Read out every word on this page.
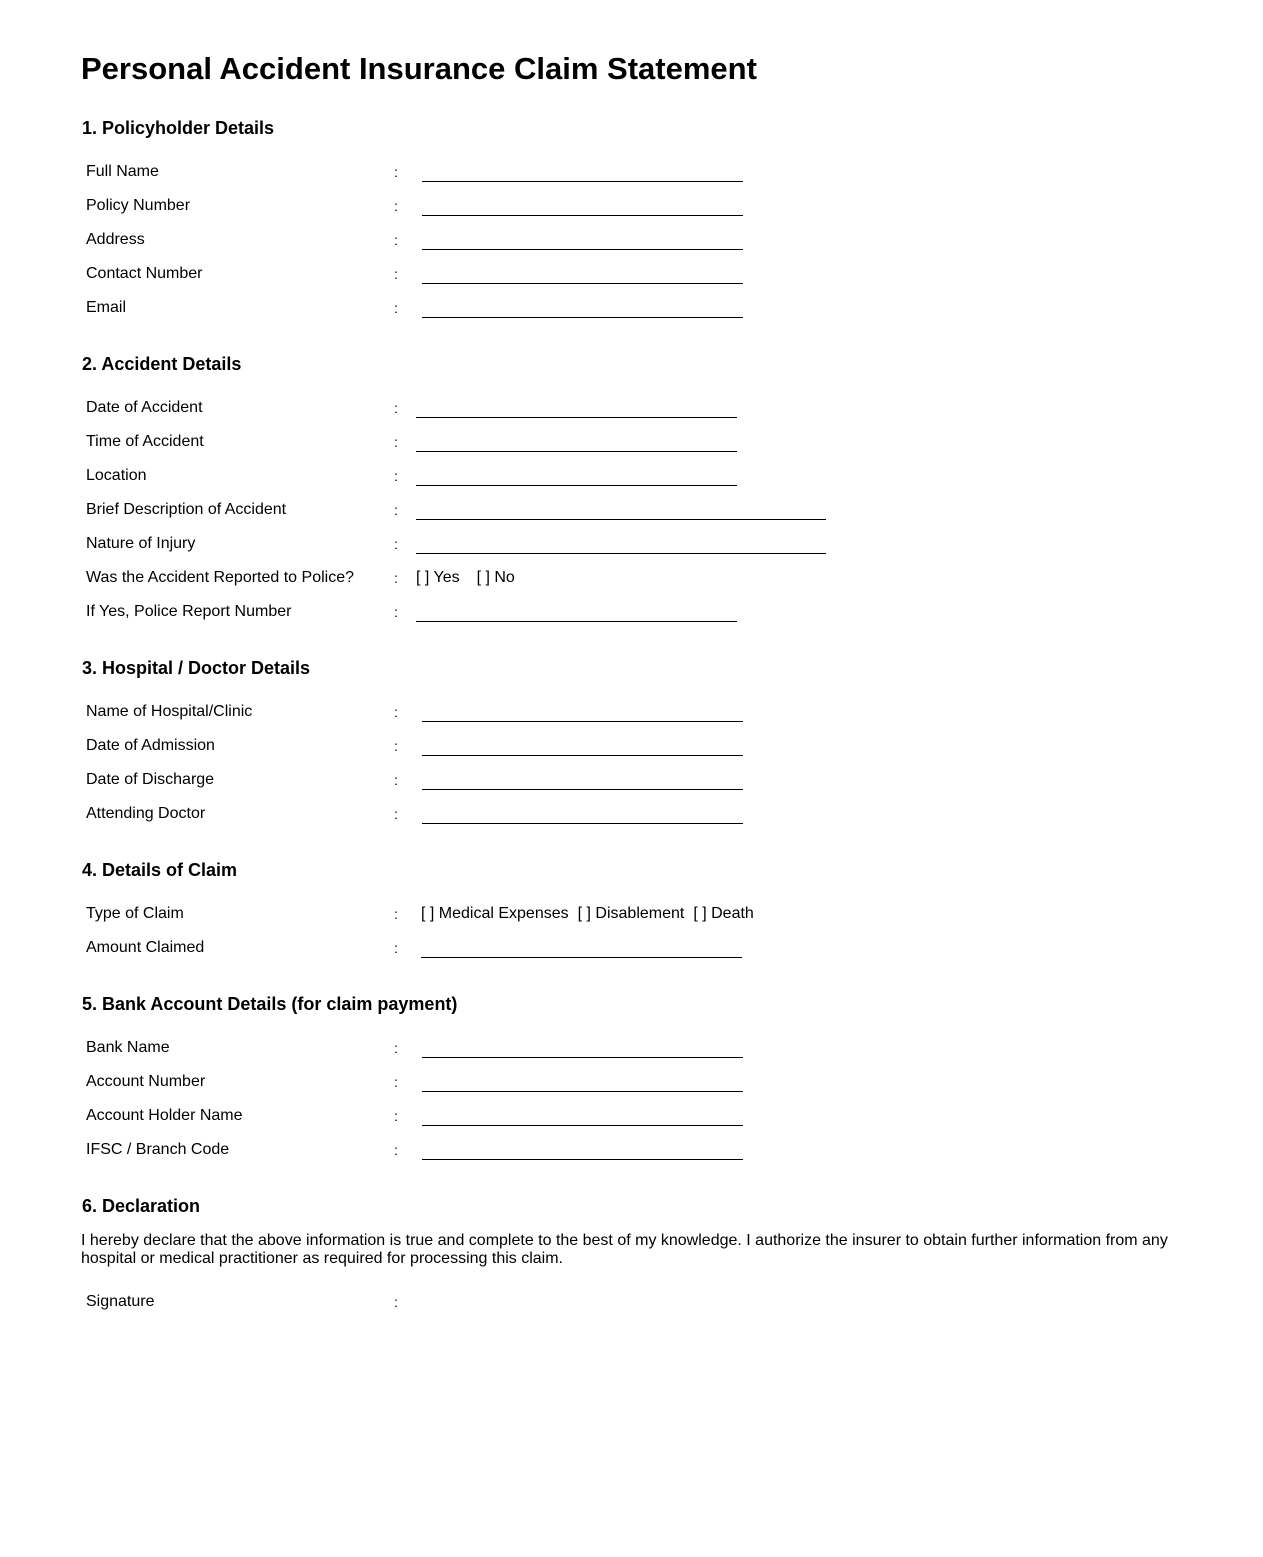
Personal Accident Insurance Claim Statement
1. Policyholder Details
Full Name	:
Policy Number	:
Address	:
Contact Number	:
Email	:
2. Accident Details
Date of Accident	:
Time of Accident	:
Location	:
Brief Description of Accident	:
Nature of Injury	:
Was the Accident Reported to Police?	: [ ] Yes [ ] No
If Yes, Police Report Number	:
3. Hospital / Doctor Details
Name of Hospital/Clinic	:
Date of Admission	:
Date of Discharge	:
Attending Doctor	:
4. Details of Claim
Type of Claim	: [ ] Medical Expenses [ ] Disablement [ ] Death
Amount Claimed	:
5. Bank Account Details (for claim payment)
Bank Name	:
Account Number	:
Account Holder Name	:
IFSC / Branch Code	:
6. Declaration
I hereby declare that the above information is true and complete to the best of my knowledge. I authorize the insurer to obtain further information from any hospital or medical practitioner as required for processing this claim.
Signature	:
